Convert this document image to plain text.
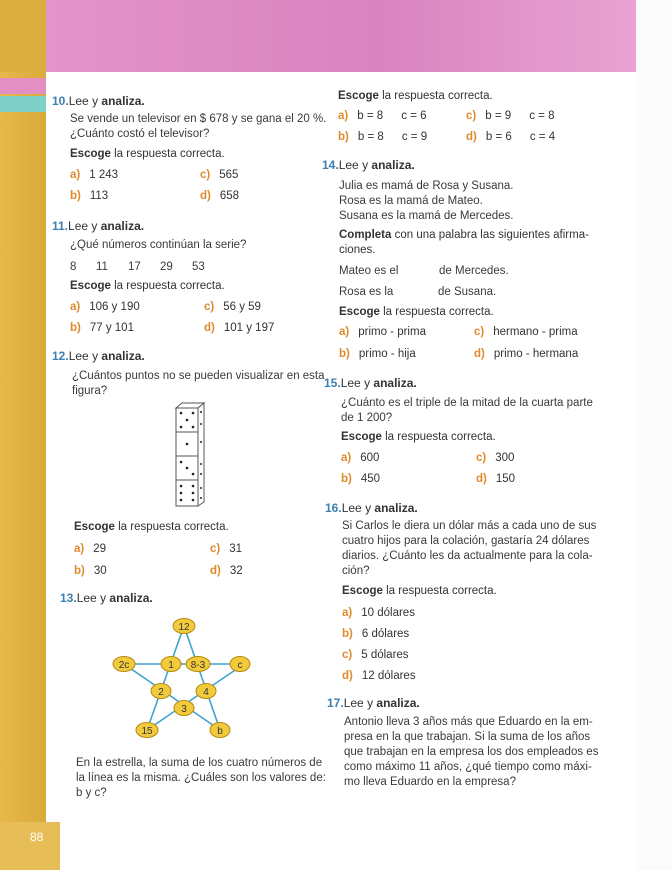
88
10.Lee y analiza.
Se vende un televisor en $ 678 y se gana el 20 %.
¿Cuánto costó el televisor?
Escoge la respuesta correcta.
a) 1 243	c) 565
b) 113	d) 658
11.Lee y analiza.
¿Qué números continúan la serie?
8 11 17 29 53
Escoge la respuesta correcta.
a) 106 y 190	c) 56 y 59
b) 77 y 101	d) 101 y 197
12.Lee y analiza.
¿Cuántos puntos no se pueden visualizar en esta
figura?
Escoge la respuesta correcta.
a) 29	c) 31
b) 30	d) 32
13.Lee y analiza.
12
2c	1 8-3	c
2	4
3
15	b
En la estrella, la suma de los cuatro números de
la línea es la misma. ¿Cuáles son los valores de:
b y c?
Escoge la respuesta correcta.
a) b = 8 c = 6	c) b = 9 c = 8
b) b = 8 c = 9	d) b = 6 c = 4
14.Lee y analiza.
Julia es mamá de Rosa y Susana.
Rosa es la mamá de Mateo.
Susana es la mamá de Mercedes.
Completa con una palabra las siguientes afirma-
ciones.
Mateo es el	de Mercedes.
Rosa es la	de Susana.
Escoge la respuesta correcta.
a) primo - prima	c) hermano - prima
b) primo - hija	d) primo - hermana
15.Lee y analiza.
¿Cuánto es el triple de la mitad de la cuarta parte
de 1 200?
Escoge la respuesta correcta.
a) 600	c) 300
b) 450	d) 150
16.Lee y analiza.
Si Carlos le diera un dólar más a cada uno de sus
cuatro hijos para la colación, gastaría 24 dólares
diarios. ¿Cuánto les da actualmente para la cola-
ción?
Escoge la respuesta correcta.
a) 10 dólares
b) 6 dólares
c) 5 dólares
d) 12 dólares
17.Lee y analiza.
Antonio lleva 3 años más que Eduardo en la em-
presa en la que trabajan. Si la suma de los años
que trabajan en la empresa los dos empleados es
como máximo 11 años, ¿qué tiempo como máxi-
mo lleva Eduardo en la empresa?
